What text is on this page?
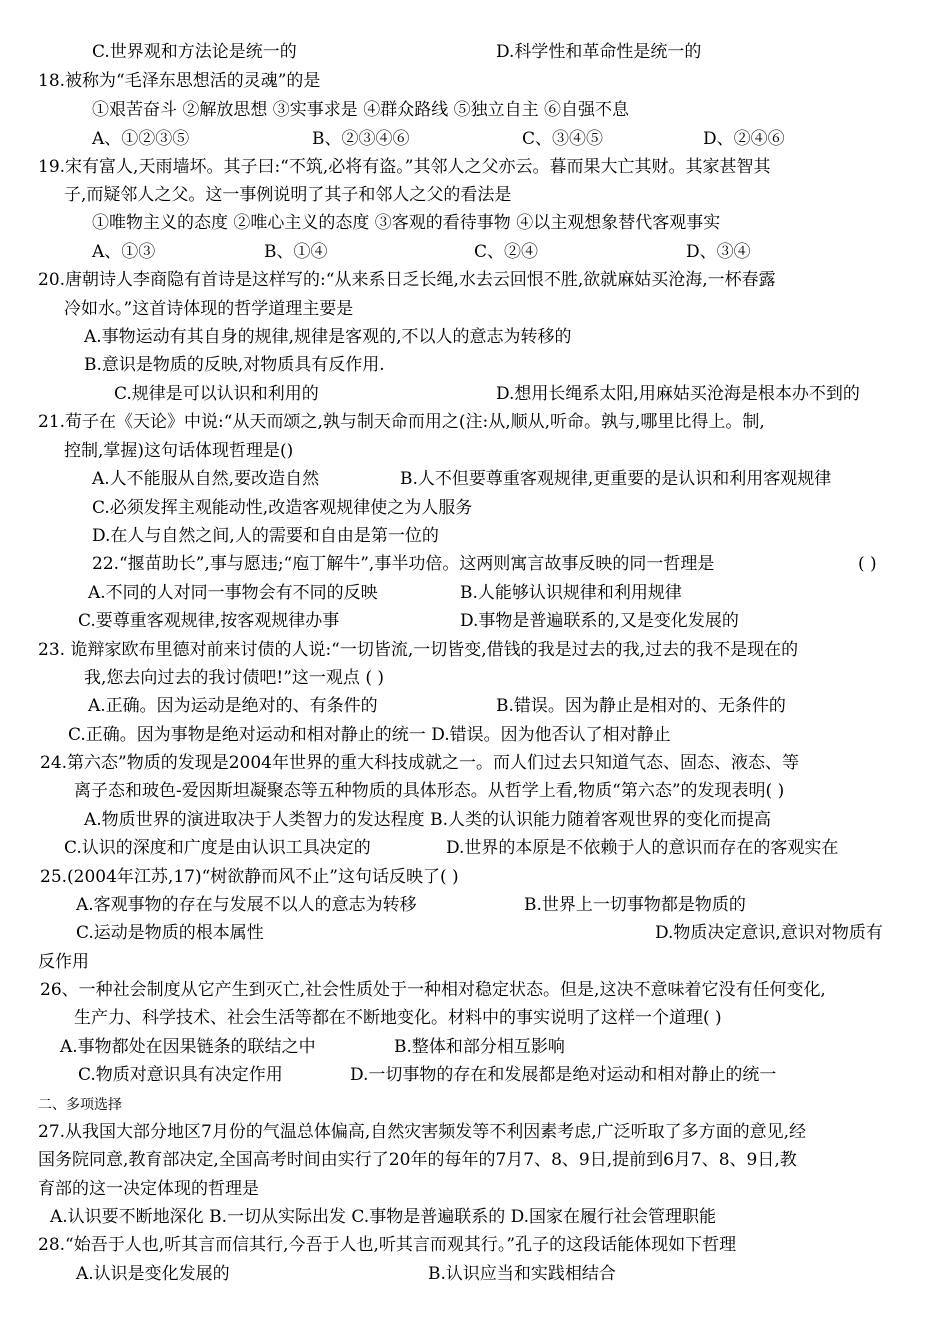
C.世界观和方法论是统一的	D.科学性和革命性是统一的
18.被称为“毛泽东思想活的灵魂”的是
①艰苦奋斗 ②解放思想 ③实事求是 ④群众路线 ⑤独立自主 ⑥自强不息
A、①②③⑤	B、②③④⑥	C、③④⑤	D、②④⑥
19.宋有富人,天雨墙坏。其子曰:“不筑,必将有盗。”其邻人之父亦云。暮而果大亡其财。其家甚智其
子,而疑邻人之父。这一事例说明了其子和邻人之父的看法是
①唯物主义的态度 ②唯心主义的态度 ③客观的看待事物 ④以主观想象替代客观事实
A、①③	B、①④	C、②④	D、③④
20.唐朝诗人李商隐有首诗是这样写的:“从来系日乏长绳,水去云回恨不胜,欲就麻姑买沧海,一杯春露
冷如水。”这首诗体现的哲学道理主要是
A.事物运动有其自身的规律,规律是客观的,不以人的意志为转移的
B.意识是物质的反映,对物质具有反作用.
C.规律是可以认识和利用的	D.想用长绳系太阳,用麻姑买沧海是根本办不到的
21.荀子在《天论》中说:“从天而颂之,孰与制天命而用之(注:从,顺从,听命。孰与,哪里比得上。制,
控制,掌握)这句话体现哲理是()
A.人不能服从自然,要改造自然	B.人不但要尊重客观规律,更重要的是认识和利用客观规律
C.必须发挥主观能动性,改造客观规律使之为人服务
D.在人与自然之间,人的需要和自由是第一位的
22.“揠苗助长”,事与愿违;“庖丁解牛”,事半功倍。这两则寓言故事反映的同一哲理是	( )
A.不同的人对同一事物会有不同的反映	B.人能够认识规律和利用规律
C.要尊重客观规律,按客观规律办事	D.事物是普遍联系的,又是变化发展的
23. 诡辩家欧布里德对前来讨债的人说:“一切皆流,一切皆变,借钱的我是过去的我,过去的我不是现在的
我,您去向过去的我讨债吧!”这一观点 ( )
A.正确。因为运动是绝对的、有条件的	B.错误。因为静止是相对的、无条件的
C.正确。因为事物是绝对运动和相对静止的统一 D.错误。因为他否认了相对静止
24.第六态”物质的发现是2004年世界的重大科技成就之一。而人们过去只知道气态、固态、液态、等
离子态和玻色-爱因斯坦凝聚态等五种物质的具体形态。从哲学上看,物质“第六态”的发现表明( )
A.物质世界的演进取决于人类智力的发达程度 B.人类的认识能力随着客观世界的变化而提高
C.认识的深度和广度是由认识工具决定的	D.世界的本原是不依赖于人的意识而存在的客观实在
25.(2004年江苏,17)“树欲静而风不止”这句话反映了( )
A.客观事物的存在与发展不以人的意志为转移	B.世界上一切事物都是物质的
C.运动是物质的根本属性	D.物质决定意识,意识对物质有
反作用
26、一种社会制度从它产生到灭亡,社会性质处于一种相对稳定状态。但是,这决不意味着它没有任何变化,
生产力、科学技术、社会生活等都在不断地变化。材料中的事实说明了这样一个道理( )
A.事物都处在因果链条的联结之中	B.整体和部分相互影响
C.物质对意识具有决定作用	D.一切事物的存在和发展都是绝对运动和相对静止的统一
二、多项选择
27.从我国大部分地区7月份的气温总体偏高,自然灾害频发等不利因素考虑,广泛听取了多方面的意见,经
国务院同意,教育部决定,全国高考时间由实行了20年的每年的7月7、8、9日,提前到6月7、8、9日,教
育部的这一决定体现的哲理是
A.认识要不断地深化 B.一切从实际出发 C.事物是普遍联系的 D.国家在履行社会管理职能
28.“始吾于人也,听其言而信其行,今吾于人也,听其言而观其行。”孔子的这段话能体现如下哲理
A.认识是变化发展的	B.认识应当和实践相结合
